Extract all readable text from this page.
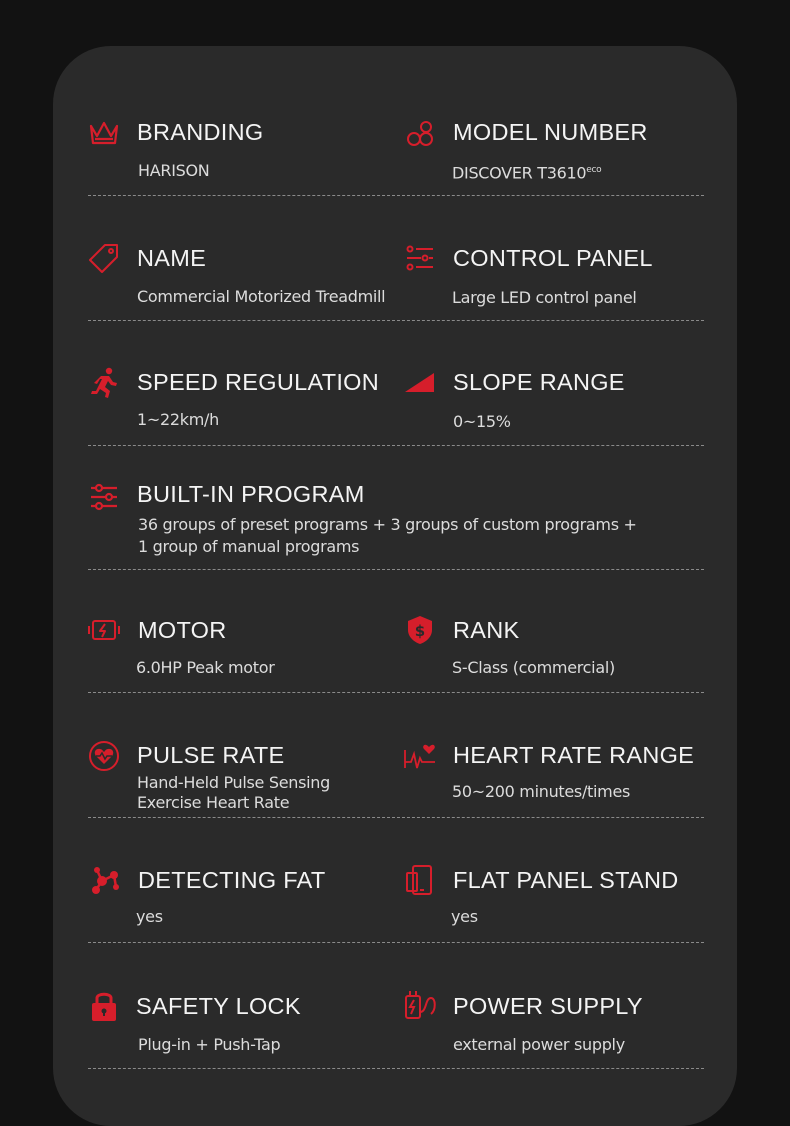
BRANDING
HARISON
MODEL NUMBER
DISCOVER $T3610^{eco}$
NAME
Commercial Motorized Treadmill
CONTROL PANEL
Large LED control panel
SPEED REGULATION
1~22km/h
SLOPE RANGE
0~15%
BUILT-IN PROGRAM
36 groups of preset programs + 3 groups of custom programs +
1 group of manual programs
MOTOR
6.0HP Peak motor
$ RANK
S-Class (commercial)
PULSE RATE
Hand-Held Pulse Sensing
Exercise Heart Rate
HEART RATE RANGE
50~200 minutes/times
DETECTING FAT
yes
FLAT PANEL STAND
yes
SAFETY LOCK
Plug-in + Push-Tap
POWER SUPPLY
external power supply
